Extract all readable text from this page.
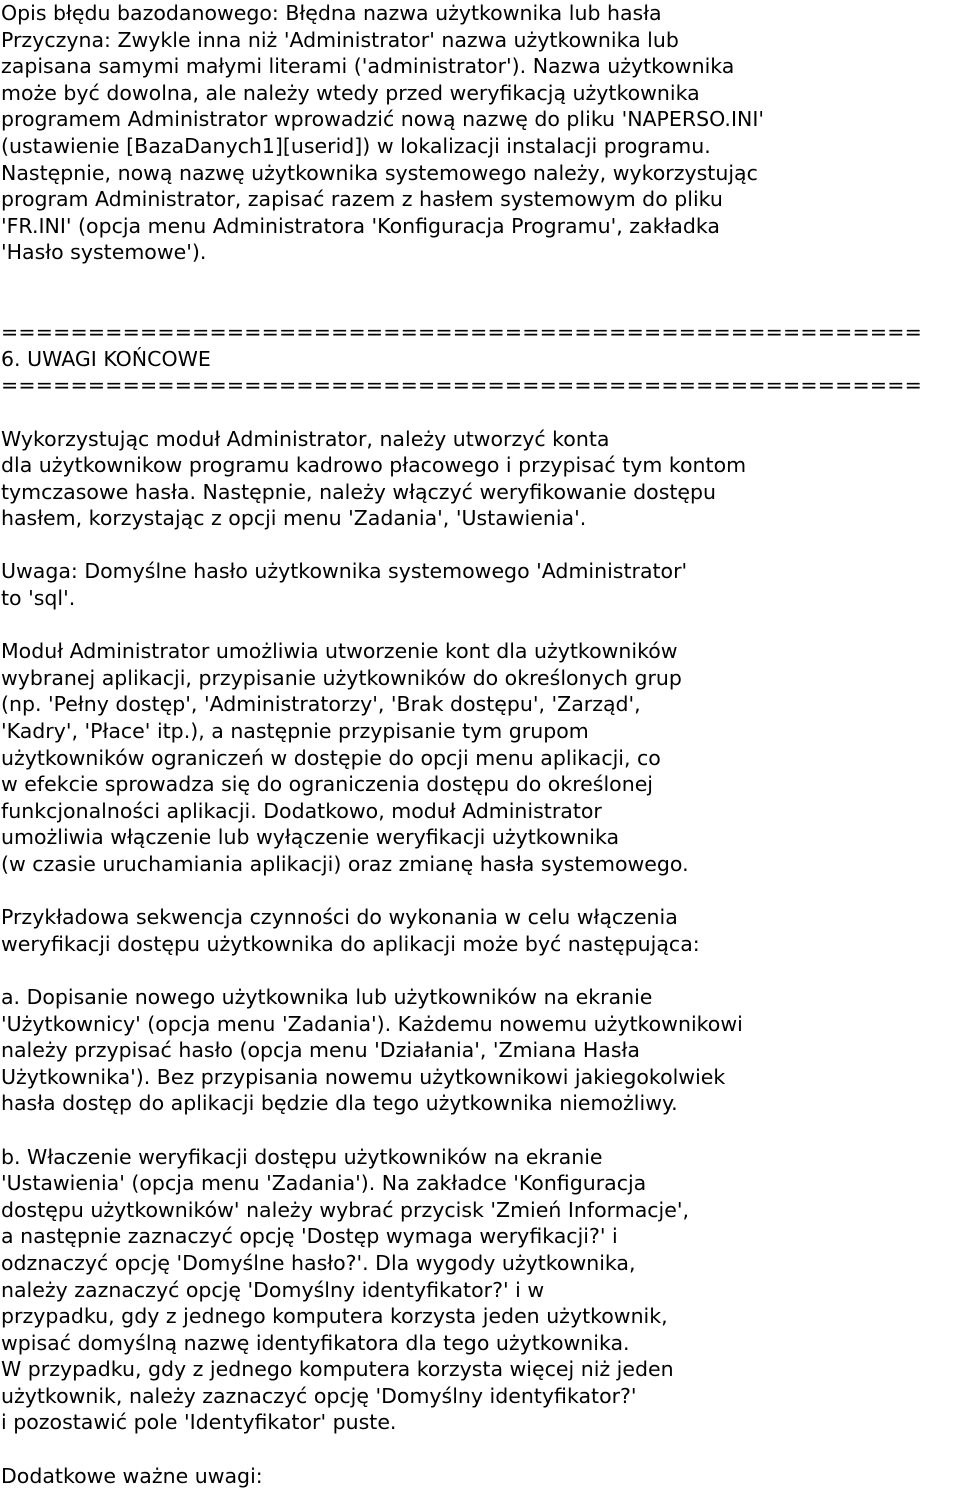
Opis błędu bazodanowego: Błędna nazwa użytkownika lub hasła
Przyczyna: Zwykle inna niż 'Administrator' nazwa użytkownika lub
zapisana samymi małymi literami ('administrator'). Nazwa użytkownika
może być dowolna, ale należy wtedy przed weryfikacją użytkownika
programem Administrator wprowadzić nową nazwę do pliku 'NAPERSO.INI'
(ustawienie [BazaDanych1][userid]) w lokalizacji instalacji programu.
Następnie, nową nazwę użytkownika systemowego należy, wykorzystując
program Administrator, zapisać razem z hasłem systemowym do pliku
'FR.INI' (opcja menu Administratora 'Konfiguracja Programu', zakładka
'Hasło systemowe').
=====================================================
6. UWAGI KOŃCOWE
=====================================================
Wykorzystując moduł Administrator, należy utworzyć konta
dla użytkownikow programu kadrowo płacowego i przypisać tym kontom
tymczasowe hasła. Następnie, należy włączyć weryfikowanie dostępu
hasłem, korzystając z opcji menu 'Zadania', 'Ustawienia'.
Uwaga: Domyślne hasło użytkownika systemowego 'Administrator'
to 'sql'.
Moduł Administrator umożliwia utworzenie kont dla użytkowników
wybranej aplikacji, przypisanie użytkowników do określonych grup
(np. 'Pełny dostęp', 'Administratorzy', 'Brak dostępu', 'Zarząd',
'Kadry', 'Płace' itp.), a następnie przypisanie tym grupom
użytkowników ograniczeń w dostępie do opcji menu aplikacji, co
w efekcie sprowadza się do ograniczenia dostępu do określonej
funkcjonalności aplikacji. Dodatkowo, moduł Administrator
umożliwia włączenie lub wyłączenie weryfikacji użytkownika
(w czasie uruchamiania aplikacji) oraz zmianę hasła systemowego.
Przykładowa sekwencja czynności do wykonania w celu włączenia
weryfikacji dostępu użytkownika do aplikacji może być następująca:
a. Dopisanie nowego użytkownika lub użytkowników na ekranie
'Użytkownicy' (opcja menu 'Zadania'). Każdemu nowemu użytkownikowi
należy przypisać hasło (opcja menu 'Działania', 'Zmiana Hasła
Użytkownika'). Bez przypisania nowemu użytkownikowi jakiegokolwiek
hasła dostęp do aplikacji będzie dla tego użytkownika niemożliwy.
b. Właczenie weryfikacji dostępu użytkowników na ekranie
'Ustawienia' (opcja menu 'Zadania'). Na zakładce 'Konfiguracja
dostępu użytkowników' należy wybrać przycisk 'Zmień Informacje',
a następnie zaznaczyć opcję 'Dostęp wymaga weryfikacji?' i
odznaczyć opcję 'Domyślne hasło?'. Dla wygody użytkownika,
należy zaznaczyć opcję 'Domyślny identyfikator?' i w
przypadku, gdy z jednego komputera korzysta jeden użytkownik,
wpisać domyślną nazwę identyfikatora dla tego użytkownika.
W przypadku, gdy z jednego komputera korzysta więcej niż jeden
użytkownik, należy zaznaczyć opcję 'Domyślny identyfikator?'
i pozostawić pole 'Identyfikator' puste.
Dodatkowe ważne uwagi:
